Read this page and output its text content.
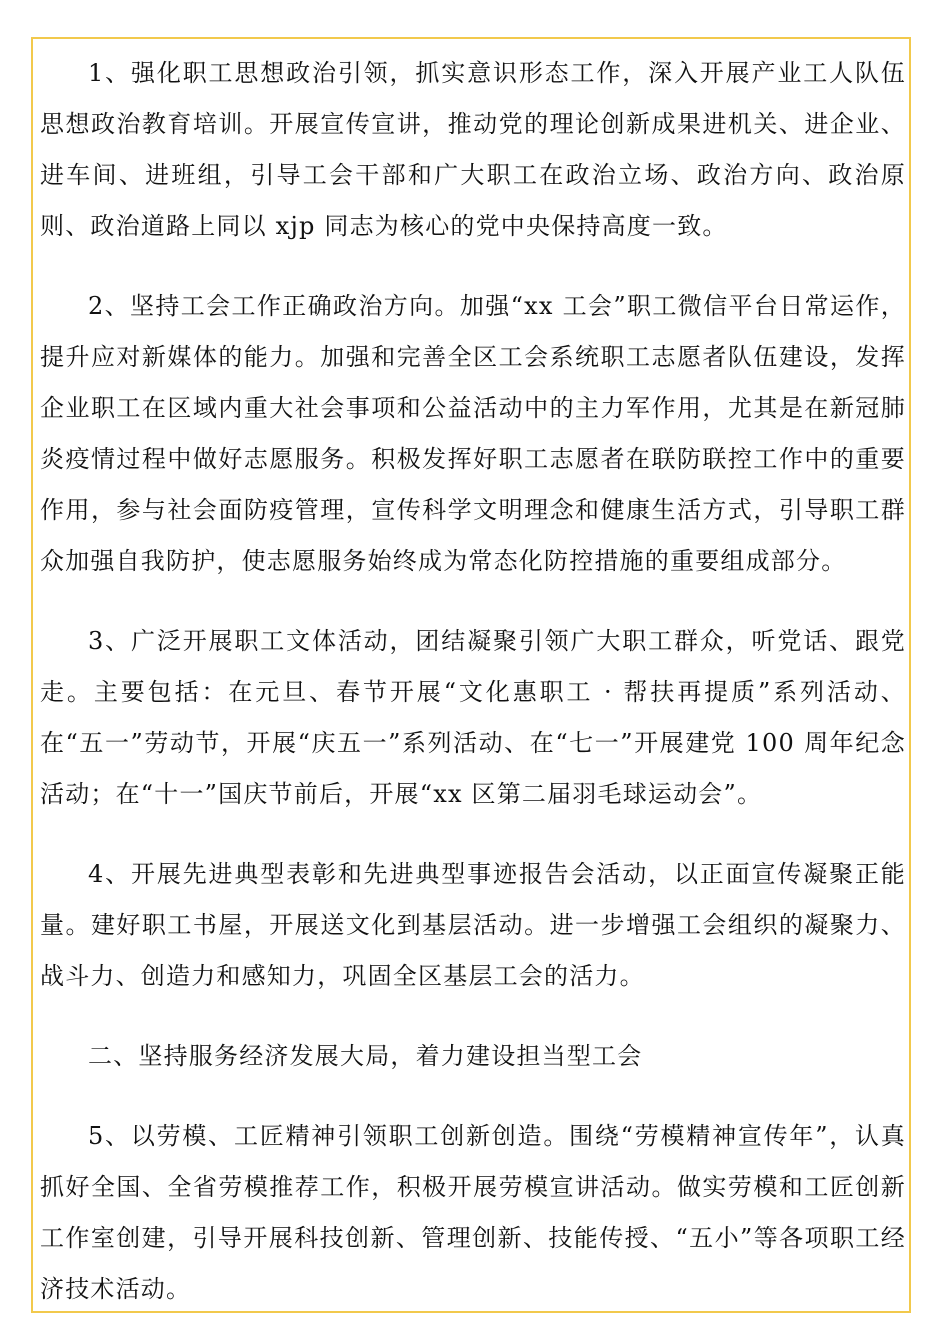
1、强化职工思想政治引领，抓实意识形态工作，深入开展产业工人队伍思想政治教育培训。开展宣传宣讲，推动党的理论创新成果进机关、进企业、进车间、进班组，引导工会干部和广大职工在政治立场、政治方向、政治原则、政治道路上同以 xjp 同志为核心的党中央保持高度一致。

2、坚持工会工作正确政治方向。加强“xx 工会”职工微信平台日常运作，提升应对新媒体的能力。加强和完善全区工会系统职工志愿者队伍建设，发挥企业职工在区域内重大社会事项和公益活动中的主力军作用，尤其是在新冠肺炎疫情过程中做好志愿服务。积极发挥好职工志愿者在联防联控工作中的重要作用，参与社会面防疫管理，宣传科学文明理念和健康生活方式，引导职工群众加强自我防护，使志愿服务始终成为常态化防控措施的重要组成部分。

3、广泛开展职工文体活动，团结凝聚引领广大职工群众，听党话、跟党走。主要包括：在元旦、春节开展“文化惠职工 · 帮扶再提质”系列活动、在“五一”劳动节，开展“庆五一”系列活动、在“七一”开展建党 100 周年纪念活动；在“十一”国庆节前后，开展“xx 区第二届羽毛球运动会”。

4、开展先进典型表彰和先进典型事迹报告会活动，以正面宣传凝聚正能量。建好职工书屋，开展送文化到基层活动。进一步增强工会组织的凝聚力、战斗力、创造力和感知力，巩固全区基层工会的活力。

二、坚持服务经济发展大局，着力建设担当型工会

5、以劳模、工匠精神引领职工创新创造。围绕“劳模精神宣传年”，认真抓好全国、全省劳模推荐工作，积极开展劳模宣讲活动。做实劳模和工匠创新工作室创建，引导开展科技创新、管理创新、技能传授、“五小”等各项职工经济技术活动。
